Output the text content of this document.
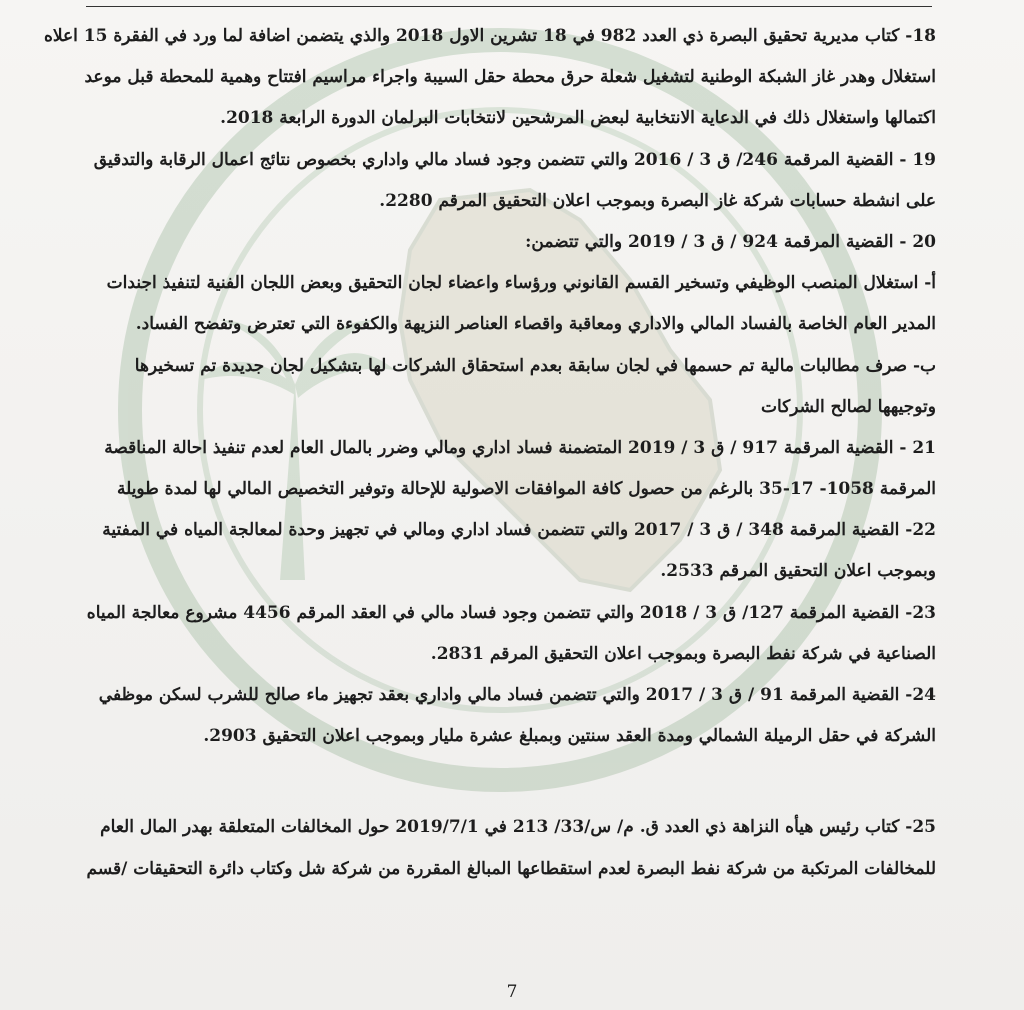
18- كتاب مديرية تحقيق البصرة ذي العدد 982 في 18 تشرين الاول 2018 والذي يتضمن اضافة لما ورد في الفقرة 15 اعلاه
استغلال وهدر غاز الشبكة الوطنية لتشغيل شعلة حرق محطة حقل السيبة واجراء مراسيم افتتاح وهمية للمحطة قبل موعد
اكتمالها واستغلال ذلك في الدعاية الانتخابية لبعض المرشحين لانتخابات البرلمان الدورة الرابعة 2018.
19 - القضية المرقمة 246/ ق 3 / 2016 والتي تتضمن وجود فساد مالي واداري بخصوص نتائج اعمال الرقابة والتدقيق
على انشطة حسابات شركة غاز البصرة وبموجب اعلان التحقيق المرقم 2280.
20 - القضية المرقمة 924 / ق 3 / 2019 والتي تتضمن:
أ- استغلال المنصب الوظيفي وتسخير القسم القانوني ورؤساء واعضاء لجان التحقيق وبعض اللجان الفنية لتنفيذ اجندات
المدير العام الخاصة بالفساد المالي والاداري ومعاقبة واقصاء العناصر النزيهة والكفوءة التي تعترض وتفضح الفساد.
ب- صرف مطالبات مالية تم حسمها في لجان سابقة بعدم استحقاق الشركات لها بتشكيل لجان جديدة تم تسخيرها
وتوجيهها لصالح الشركات
21 - القضية المرقمة 917 / ق 3 / 2019 المتضمنة فساد اداري ومالي وضرر بالمال العام لعدم تنفيذ احالة المناقصة
المرقمة 1058- 17-35 بالرغم من حصول كافة الموافقات الاصولية للإحالة وتوفير التخصيص المالي لها لمدة طويلة
22- القضية المرقمة 348 / ق 3 / 2017 والتي تتضمن فساد اداري ومالي في تجهيز وحدة لمعالجة المياه في المفتية
وبموجب اعلان التحقيق المرقم 2533.
23- القضية المرقمة 127/ ق 3 / 2018 والتي تتضمن وجود فساد مالي في العقد المرقم 4456 مشروع معالجة المياه
الصناعية في شركة نفط البصرة وبموجب اعلان التحقيق المرقم 2831.
24- القضية المرقمة 91 / ق 3 / 2017 والتي تتضمن فساد مالي واداري بعقد تجهيز ماء صالح للشرب لسكن موظفي
الشركة في حقل الرميلة الشمالي ومدة العقد سنتين وبمبلغ عشرة مليار وبموجب اعلان التحقيق 2903.
25- كتاب رئيس هيأه النزاهة ذي العدد ق. م/ س/33/ 213 في 2019/7/1 حول المخالفات المتعلقة بهدر المال العام
للمخالفات المرتكبة من شركة نفط البصرة لعدم استقطاعها المبالغ المقررة من شركة شل وكتاب دائرة التحقيقات /قسم
7
